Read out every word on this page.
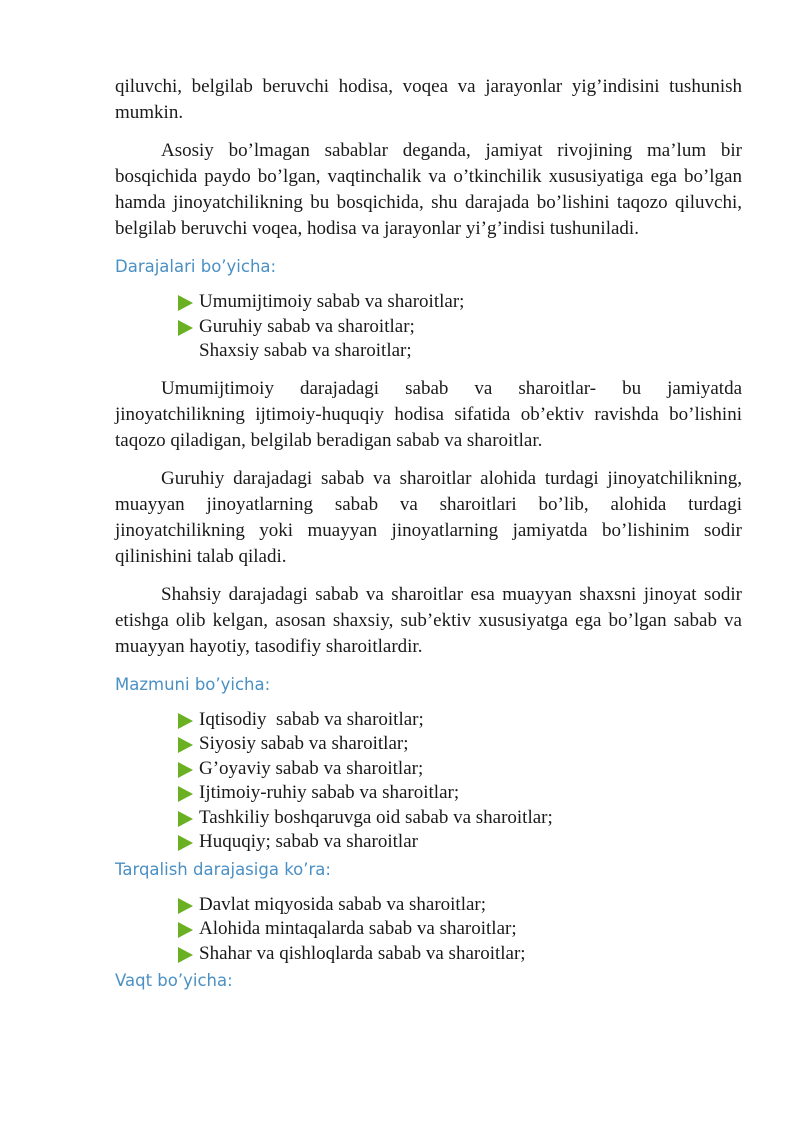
qiluvchi, belgilab beruvchi hodisa, voqea va jarayonlar yig’indisini tushunish mumkin.

Asosiy bo’lmagan sabablar deganda, jamiyat rivojining ma’lum bir bosqichida paydo bo’lgan, vaqtinchalik va o’tkinchilik xususiyatiga ega bo’lgan hamda jinoyatchilikning bu bosqichida, shu darajada bo’lishini taqozo qiluvchi, belgilab beruvchi voqea, hodisa va jarayonlar yi’g’indisi tushuniladi.

Darajalari bo’yicha:
Umumijtimoiy sabab va sharoitlar;
Guruhiy sabab va sharoitlar;
Shaxsiy sabab va sharoitlar;

Umumijtimoiy darajadagi sabab va sharoitlar- bu jamiyatda jinoyatchilikning ijtimoiy-huquqiy hodisa sifatida ob’ektiv ravishda bo’lishini taqozo qiladigan, belgilab beradigan sabab va sharoitlar.

Guruhiy darajadagi sabab va sharoitlar alohida turdagi jinoyatchilikning, muayyan jinoyatlarning sabab va sharoitlari bo’lib, alohida turdagi jinoyatchilikning yoki muayyan jinoyatlarning jamiyatda bo’lishinim sodir qilinishini talab qiladi.

Shahsiy darajadagi sabab va sharoitlar esa muayyan shaxsni jinoyat sodir etishga olib kelgan, asosan shaxsiy, sub’ektiv xususiyatga ega bo’lgan sabab va muayyan hayotiy, tasodifiy sharoitlardir.

Mazmuni bo’yicha:
Iqtisodiy  sabab va sharoitlar;
Siyosiy sabab va sharoitlar;
G’oyaviy sabab va sharoitlar;
Ijtimoiy-ruhiy sabab va sharoitlar;
Tashkiliy boshqaruvga oid sabab va sharoitlar;
Huquqiy; sabab va sharoitlar
Tarqalish darajasiga ko’ra:
Davlat miqyosida sabab va sharoitlar;
Alohida mintaqalarda sabab va sharoitlar;
Shahar va qishloqlarda sabab va sharoitlar;
Vaqt bo’yicha:
